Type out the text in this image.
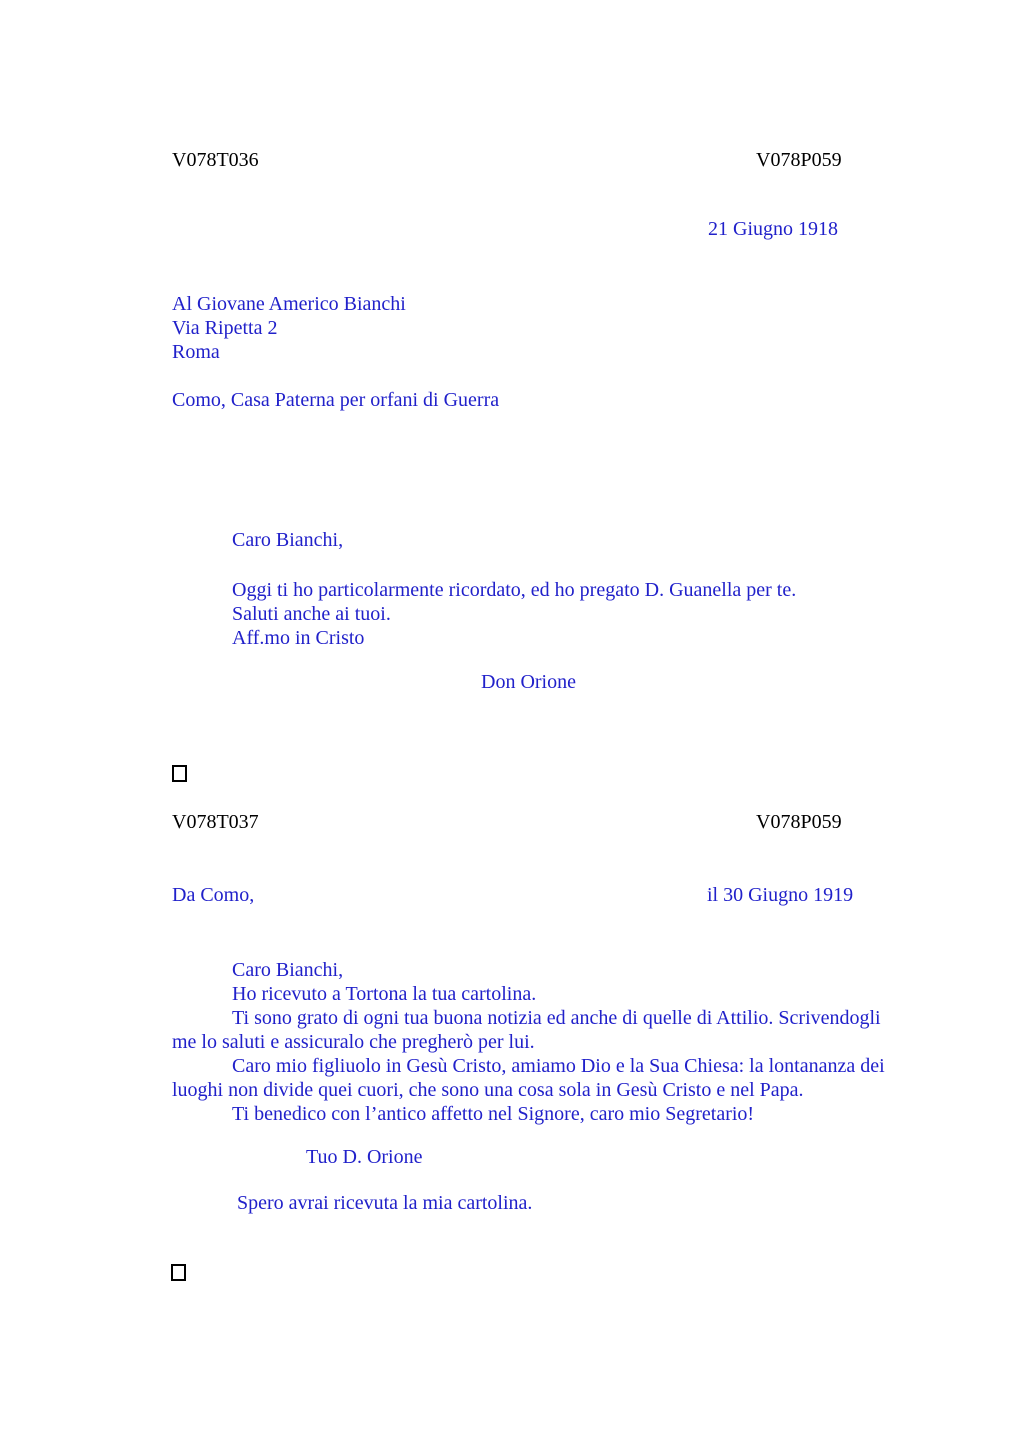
V078T036	V078P059
21 Giugno 1918
Al Giovane Americo Bianchi
Via Ripetta 2
Roma
Como, Casa Paterna per orfani di Guerra
Caro Bianchi,
Oggi ti ho particolarmente ricordato, ed ho pregato D. Guanella per te.
Saluti anche ai tuoi.
Aff.mo in Cristo
Don Orione
V078T037	V078P059
Da Como,	il 30 Giugno 1919
Caro Bianchi,
Ho ricevuto a Tortona la tua cartolina.
Ti sono grato di ogni tua buona notizia ed anche di quelle di Attilio. Scrivendogli
me lo saluti e assicuralo che pregherò per lui.
Caro mio figliuolo in Gesù Cristo, amiamo Dio e la Sua Chiesa: la lontananza dei
luoghi non divide quei cuori, che sono una cosa sola in Gesù Cristo e nel Papa.
Ti benedico con l’antico affetto nel Signore, caro mio Segretario!
Tuo D. Orione
Spero avrai ricevuta la mia cartolina.
